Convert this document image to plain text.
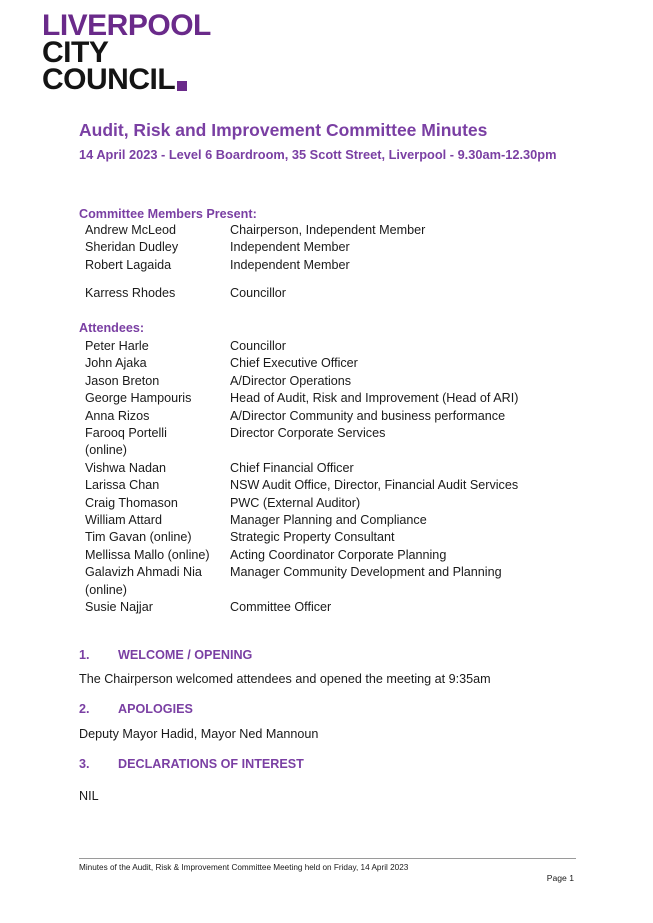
LIVERPOOL
CITY
COUNCIL
Audit, Risk and Improvement Committee Minutes

14 April 2023 - Level 6 Boardroom, 35 Scott Street, Liverpool - 9.30am-12.30pm

Committee Members Present:

Andrew McLeod	Chairperson, Independent Member
Sheridan Dudley	Independent Member
Robert Lagaida	Independent Member
Karress Rhodes	Councillor

Attendees:

Peter Harle	Councillor
John Ajaka	Chief Executive Officer
Jason Breton	A/Director Operations
George Hampouris	Head of Audit, Risk and Improvement (Head of ARI)
Anna Rizos	A/Director Community and business performance
Farooq Portelli	Director Corporate Services
(online)
Vishwa Nadan	Chief Financial Officer
Larissa Chan	NSW Audit Office, Director, Financial Audit Services
Craig Thomason	PWC (External Auditor)
William Attard	Manager Planning and Compliance
Tim Gavan (online)	Strategic Property Consultant
Mellissa Mallo (online)	Acting Coordinator Corporate Planning
Galavizh Ahmadi Nia	Manager Community Development and Planning
(online)
Susie Najjar	Committee Officer
1.	WELCOME / OPENING

The Chairperson welcomed attendees and opened the meeting at 9:35am

2.	APOLOGIES

Deputy Mayor Hadid, Mayor Ned Mannoun

3.	DECLARATIONS OF INTEREST

NIL

Minutes of the Audit, Risk & Improvement Committee Meeting held on Friday, 14 April 2023

Page 1
